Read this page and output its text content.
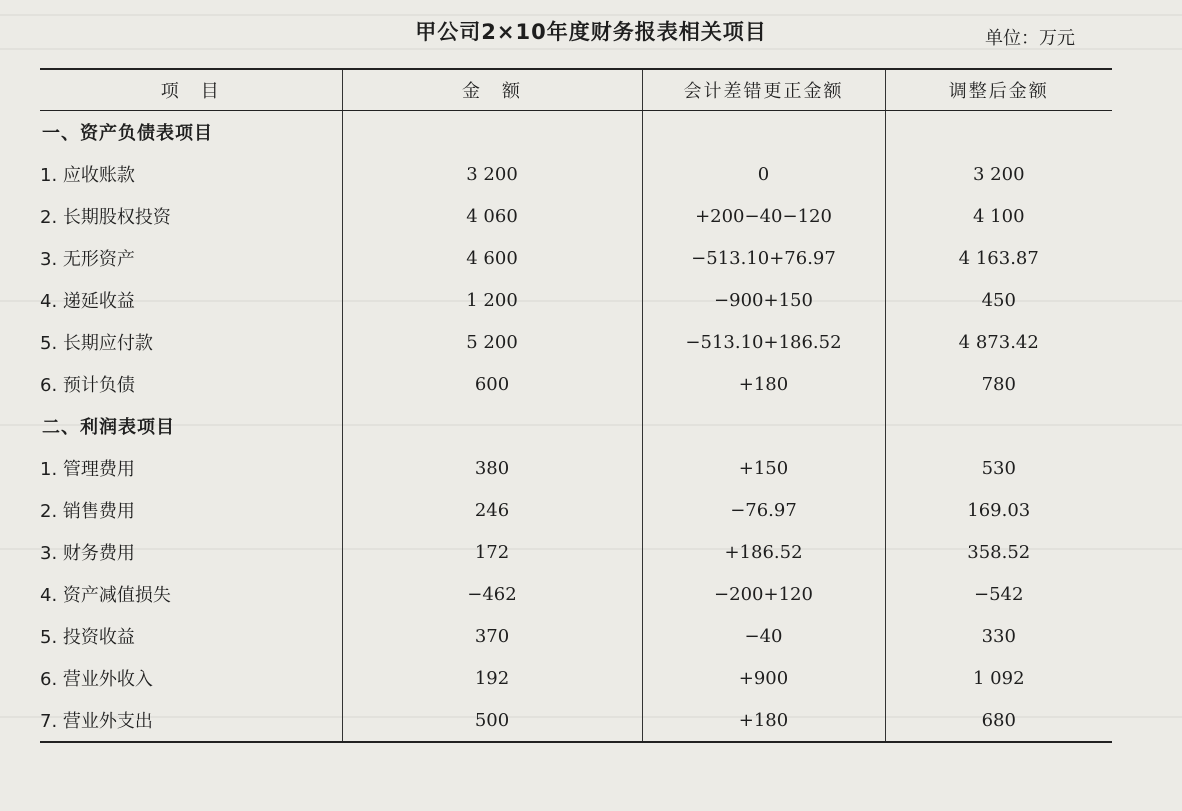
甲公司2×10年度财务报表相关项目	单位：万元
项　目	金　额	会计差错更正金额	调整后金额
一、资产负债表项目			
1. 应收账款	3 200	0	3 200
2. 长期股权投资	4 060	+200−40−120	4 100
3. 无形资产	4 600	−513.10+76.97	4 163.87
4. 递延收益	1 200	−900+150	450
5. 长期应付款	5 200	−513.10+186.52	4 873.42
6. 预计负债	600	+180	780
二、利润表项目			
1. 管理费用	380	+150	530
2. 销售费用	246	−76.97	169.03
3. 财务费用	172	+186.52	358.52
4. 资产减值损失	−462	−200+120	−542
5. 投资收益	370	−40	330
6. 营业外收入	192	+900	1 092
7. 营业外支出	500	+180	680
